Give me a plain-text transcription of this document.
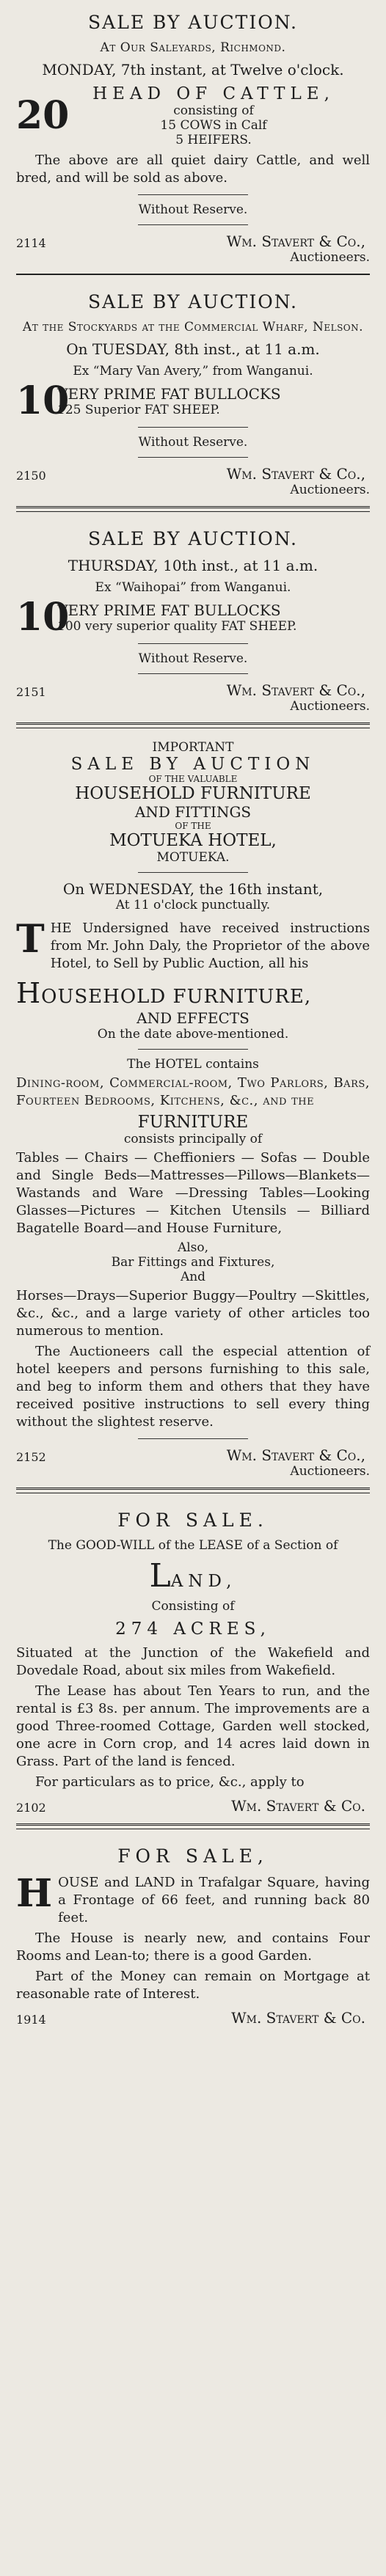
SALE BY AUCTION.
At Our Saleyards, Richmond.
MONDAY, 7th instant, at Twelve o'clock.
20	HEAD OF CATTLE,
consisting of
15 COWS in Calf
5 HEIFERS.
The above are all quiet dairy Cattle, and well bred, and will be sold as above.
Without Reserve.
2114	Wm. Stavert & Co.,
Auctioneers.
SALE BY AUCTION.
At the Stockyards at the Commercial Wharf, Nelson.
On TUESDAY, 8th inst., at 11 a.m.
Ex “Mary Van Avery,” from Wanganui.
10
VERY PRIME FAT BULLOCKS
125 Superior FAT SHEEP.
Without Reserve.
2150	Wm. Stavert & Co.,
Auctioneers.
SALE BY AUCTION.
THURSDAY, 10th inst., at 11 a.m.
Ex “Waihopai” from Wanganui.
10
VERY PRIME FAT BULLOCKS
100 very superior quality FAT SHEEP.
Without Reserve.
2151	Wm. Stavert & Co.,
Auctioneers.
IMPORTANT
SALE BY AUCTION
OF THE VALUABLE
HOUSEHOLD FURNITURE
AND FITTINGS
OF THE
MOTUEKA HOTEL,
MOTUEKA.
On WEDNESDAY, the 16th instant,
At 11 o'clock punctually.
T HE Undersigned have received instructions from Mr. John Daly, the Proprietor of the above Hotel, to Sell by Public Auction, all his
HOUSEHOLD FURNITURE,
AND EFFECTS
On the date above-mentioned.
The HOTEL contains
Dining-room, Commercial-room, Two Parlors, Bars, Fourteen Bedrooms, Kitchens, &c., and the
FURNITURE
consists principally of
Tables — Chairs — Cheffioniers — Sofas — Double and Single Beds—Mattresses—Pillows—Blankets—Wastands and Ware —Dressing Tables—Looking Glasses—Pictures — Kitchen Utensils — Billiard Bagatelle Board—and House Furniture,
Also,
Bar Fittings and Fixtures,
And
Horses—Drays—Superior Buggy—Poultry —Skittles, &c., &c., and a large variety of other articles too numerous to mention.
The Auctioneers call the especial attention of hotel keepers and persons furnishing to this sale, and beg to inform them and others that they have received positive instructions to sell every thing without the slightest reserve.
2152	Wm. Stavert & Co.,
Auctioneers.
FOR SALE.
The GOOD-WILL of the LEASE of a Section of
LAND,
Consisting of
274 ACRES,
Situated at the Junction of the Wakefield and Dovedale Road, about six miles from Wakefield.
The Lease has about Ten Years to run, and the rental is £3 8s. per annum. The improvements are a good Three-roomed Cottage, Garden well stocked, one acre in Corn crop, and 14 acres laid down in Grass. Part of the land is fenced.
For particulars as to price, &c., apply to
2102	Wm. Stavert & Co.
FOR SALE,
H OUSE and LAND in Trafalgar Square, having a Frontage of 66 feet, and running back 80 feet.
The House is nearly new, and contains Four Rooms and Lean-to; there is a good Garden.
Part of the Money can remain on Mortgage at reasonable rate of Interest.
1914	Wm. Stavert & Co.
